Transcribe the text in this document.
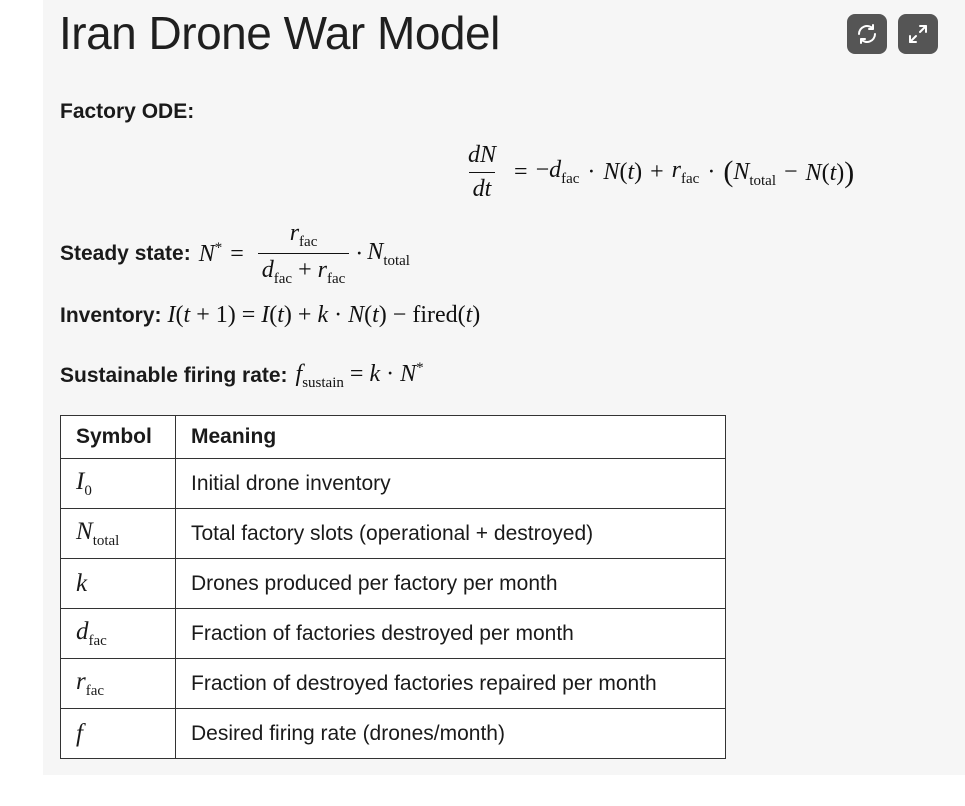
Iran Drone War Model
Factory ODE:
$\frac{dN}{dt} = -d_{fac} \cdot N(t) + r_{fac} \cdot (N_{total} - N(t))$
Steady state: $N^* = \frac{r_{fac}}{d_{fac} + r_{fac}} \cdot N_{total}$
Inventory: I(t + 1) = I(t) + k · N(t) − fired(t)
Sustainable firing rate: $f_{sustain} = k \cdot N^*$
Symbol	Meaning
$I_0$	Initial drone inventory
$N_{total}$	Total factory slots (operational + destroyed)
k	Drones produced per factory per month
$d_{fac}$	Fraction of factories destroyed per month
$r_{fac}$	Fraction of destroyed factories repaired per month
f	Desired firing rate (drones/month)
